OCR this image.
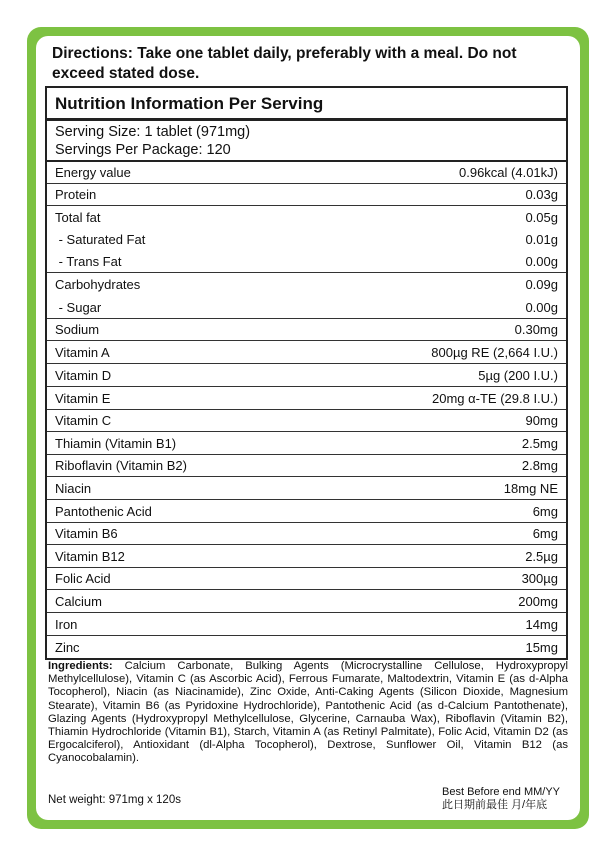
Directions: Take one tablet daily, preferably with a meal. Do not exceed stated dose.
Nutrition Information Per Serving
Serving Size: 1 tablet (971mg)
Servings Per Package: 120
Energy value	0.96kcal (4.01kJ)
Protein	0.03g
Total fat	0.05g
- Saturated Fat	0.01g
- Trans Fat	0.00g
Carbohydrates	0.09g
- Sugar	0.00g
Sodium	0.30mg
Vitamin A	800µg RE (2,664 I.U.)
Vitamin D	5µg (200 I.U.)
Vitamin E	20mg α-TE (29.8 I.U.)
Vitamin C	90mg
Thiamin (Vitamin B1)	2.5mg
Riboflavin (Vitamin B2)	2.8mg
Niacin	18mg NE
Pantothenic Acid	6mg
Vitamin B6	6mg
Vitamin B12	2.5µg
Folic Acid	300µg
Calcium	200mg
Iron	14mg
Zinc	15mg
Ingredients: Calcium Carbonate, Bulking Agents (Microcrystalline Cellulose, Hydroxypropyl Methylcellulose), Vitamin C (as Ascorbic Acid), Ferrous Fumarate, Maltodextrin, Vitamin E (as d-Alpha Tocopherol), Niacin (as Niacinamide), Zinc Oxide, Anti-Caking Agents (Silicon Dioxide, Magnesium Stearate), Vitamin B6 (as Pyridoxine Hydrochloride), Pantothenic Acid (as d-Calcium Pantothenate), Glazing Agents (Hydroxypropyl Methylcellulose, Glycerine, Carnauba Wax), Riboflavin (Vitamin B2), Thiamin Hydrochloride (Vitamin B1), Starch, Vitamin A (as Retinyl Palmitate), Folic Acid, Vitamin D2 (as Ergocalciferol), Antioxidant (dl-Alpha Tocopherol), Dextrose, Sunflower Oil, Vitamin B12 (as Cyanocobalamin).
Net weight: 971mg x 120s
Best Before end MM/YY
此日期前最佳 月/年底
